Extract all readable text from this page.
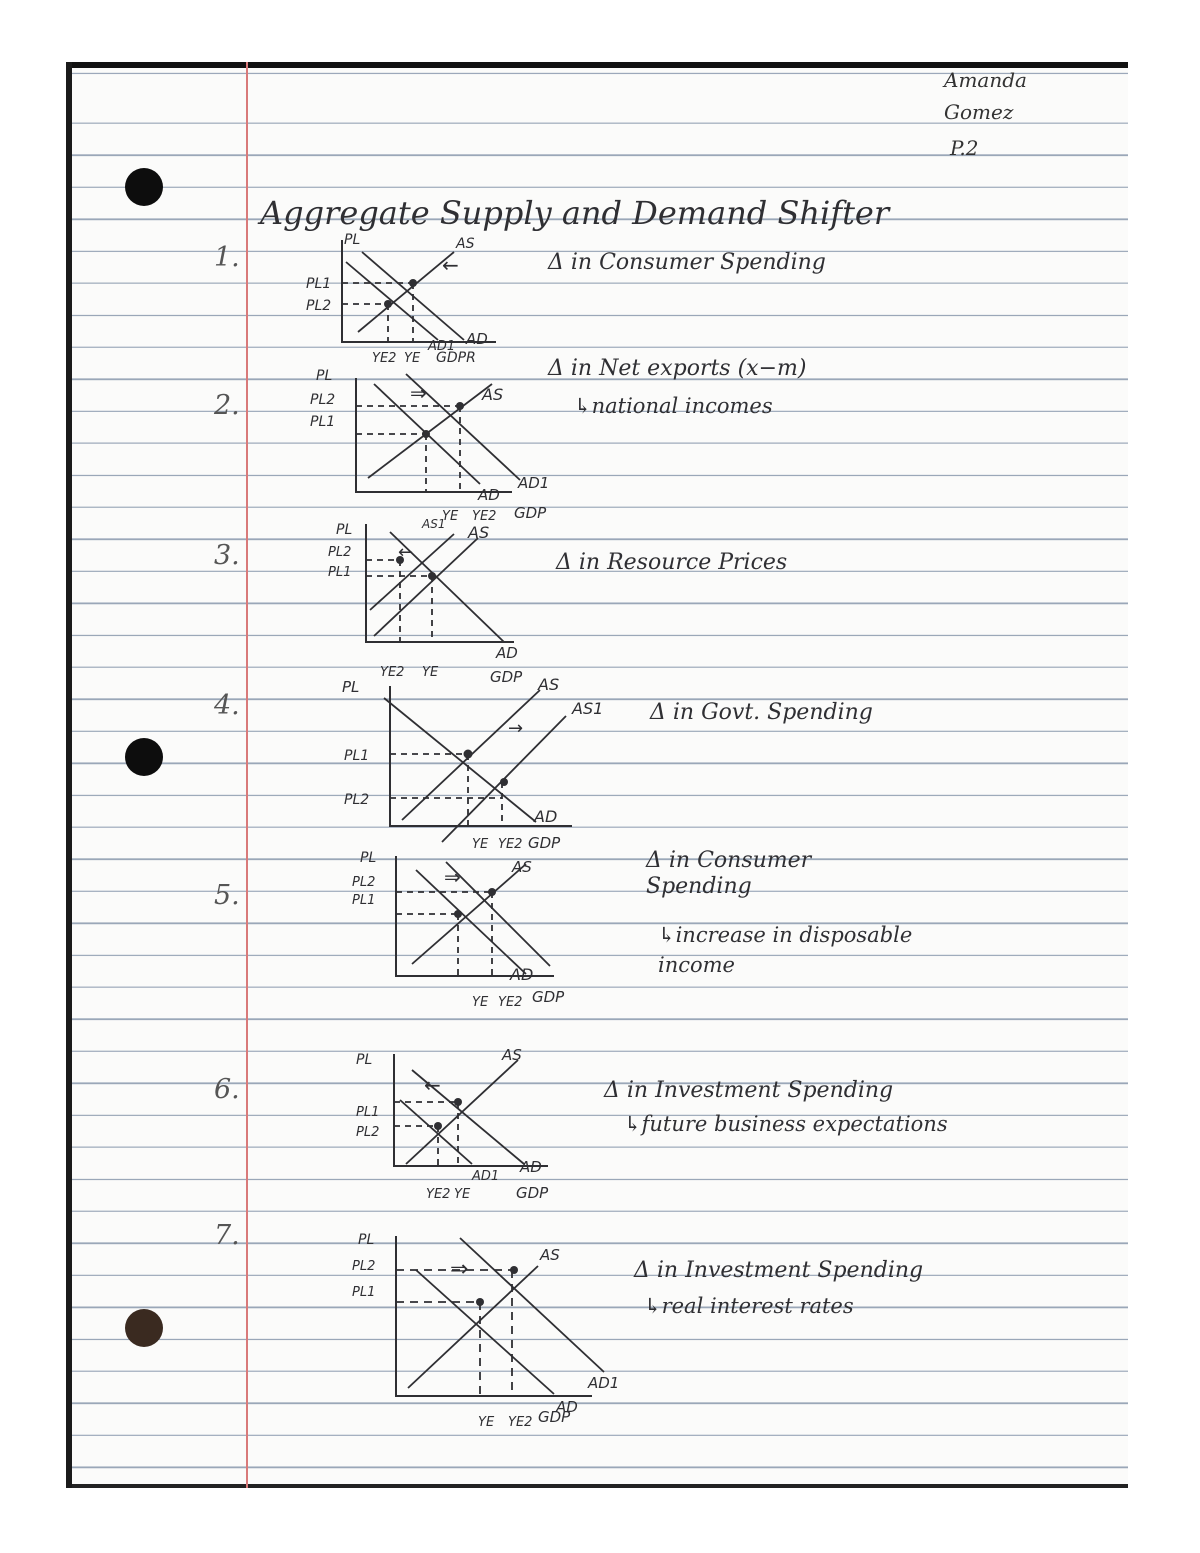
Amanda
Gomez
P.2
Aggregate Supply and Demand Shifter
1.	Δ in Consumer Spending
PL
PL1
PL2
AS
AD1 AD
←
YE2 YE GDPR
2.
Δ in Net exports (x−m)
↳national incomes
PL
PL2
PL1
AS
AD
AD1
⇒
YE YE2 GDP
3.	Δ in Resource Prices
PL
PL2
PL1
AS1 AS
AD
←
YE2 YE	GDP
4.	Δ in Govt. Spending
PL
PL1
PL2
AS
AS1
AD
→
YE YE2 GDP
5.
Δ in Consumer Spending
↳increase in disposable income
PL
PL2
PL1
AS
AD
⇒
YE YE2 GDP
6.	Δ in Investment Spending
↳future business expectations
PL
PL1
PL2
AS
AD1
AD
←
YE2 YE	GDP
7.
Δ in Investment Spending
↳real interest rates
PL
PL2
PL1
AS
AD1
AD
⇒
YE YE2 GDP
